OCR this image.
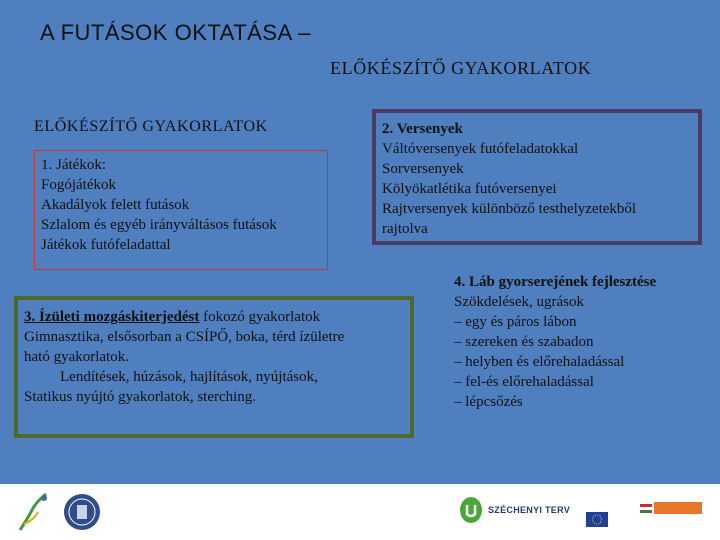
A FUTÁSOK OKTATÁSA –
ELŐKÉSZÍTŐ GYAKORLATOK
ELŐKÉSZÍTŐ GYAKORLATOK
1. Játékok:
Fogójátékok
Akadályok felett futások
Szlalom és egyéb irányváltásos futások
Játékok futófeladattal
2. Versenyek
Váltóversenyek futófeladatokkal
Sorversenyek
Kölyökatlétika futóversenyei
Rajtversenyek különböző testhelyzetekből
rajtolva
3. Ízületi mozgáskiterjedést fokozó gyakorlatok
Gimnasztika, elsősorban a CSÍPŐ, boka, térd ízületre
ható gyakorlatok.
Lendítések, húzások, hajlítások, nyújtások,
Statikus nyújtó gyakorlatok, sterching.
4. Láb gyorserejének fejlesztése
Szökdelések, ugrások
– egy és páros lábon
– szereken és szabadon
– helyben és előrehaladással
– fel-és előrehaladással
– lépcsőzés
SZÉCHENYI TERV
